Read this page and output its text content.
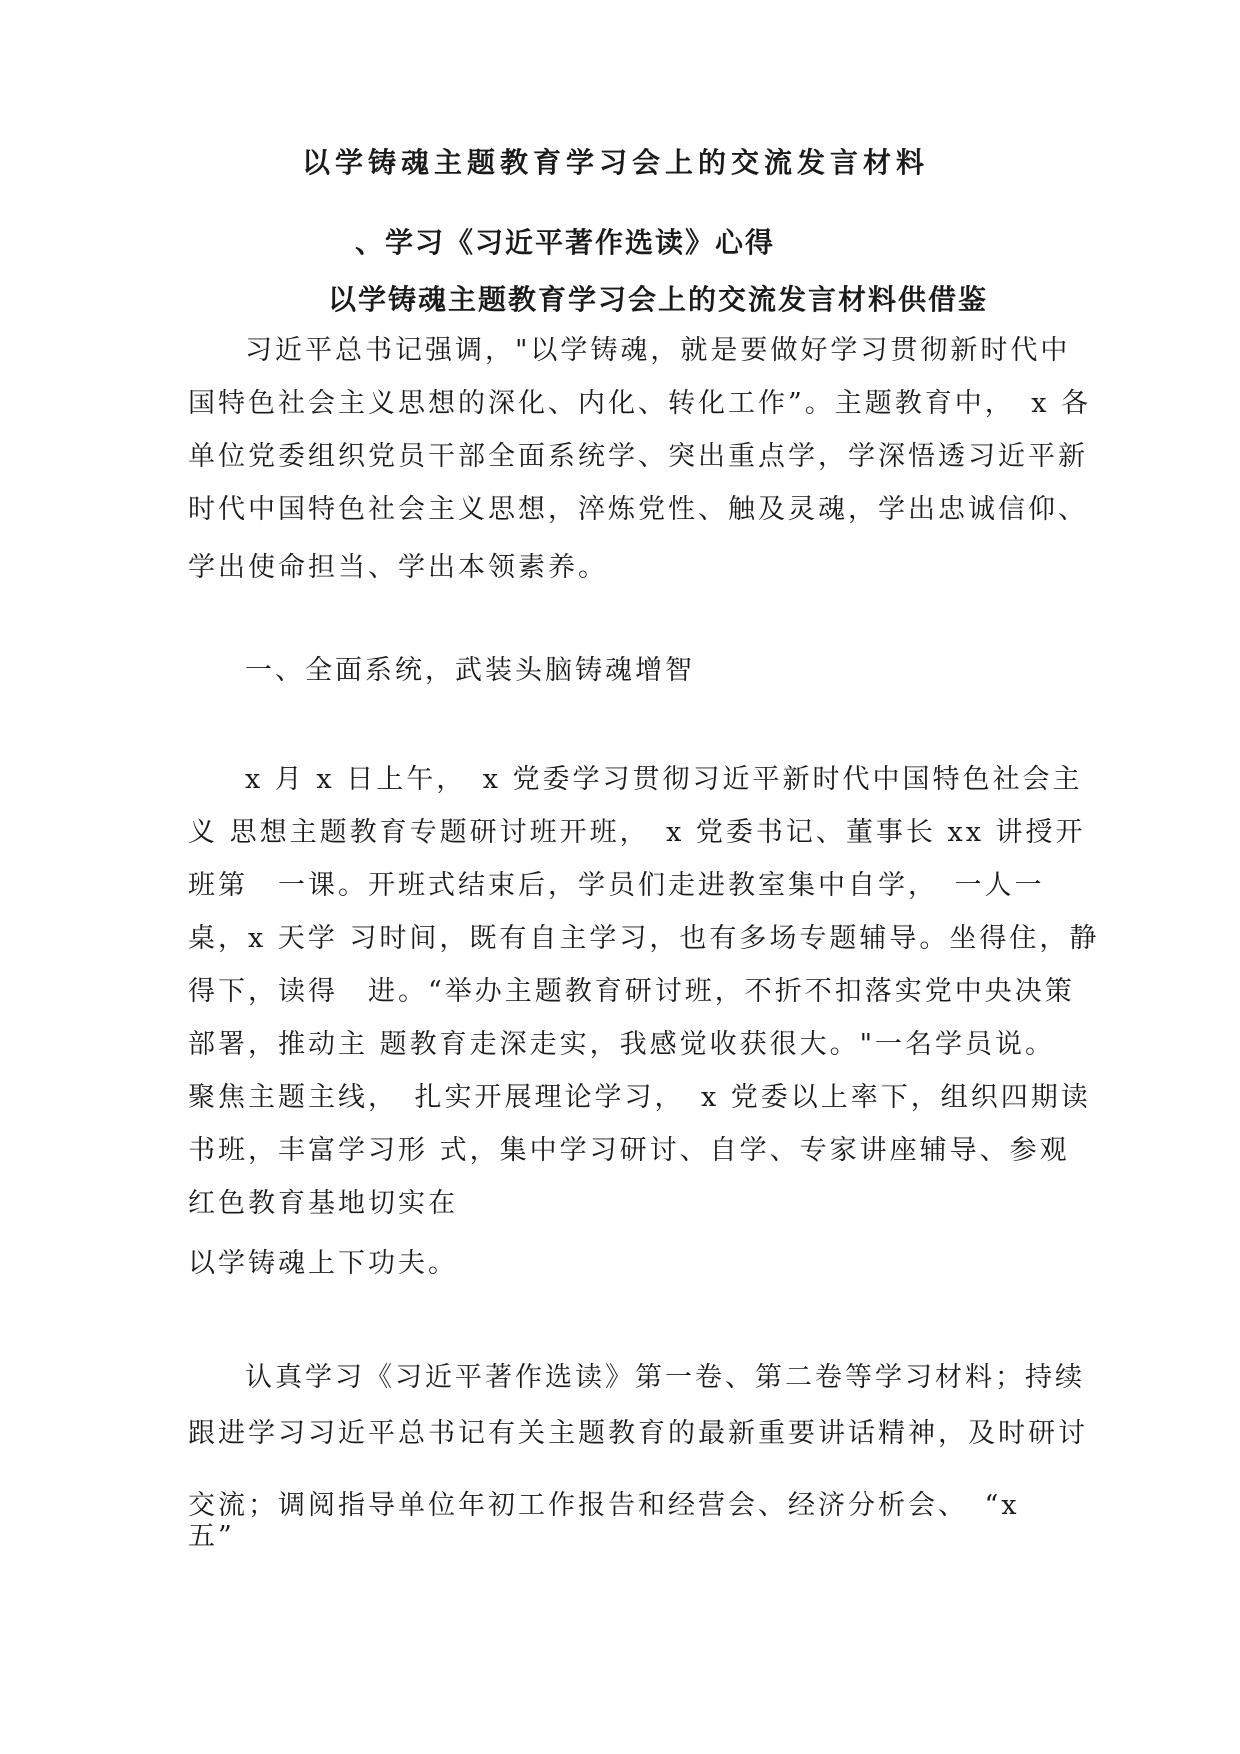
以学铸魂主题教育学习会上的交流发言材料
、学习《习近平著作选读》心得
以学铸魂主题教育学习会上的交流发言材料供借鉴
习近平总书记强调，"以学铸魂，就是要做好学习贯彻新时代中
国特色社会主义思想的深化、内化、转化工作”。主题教育中，　x 各
单位党委组织党员干部全面系统学、突出重点学，学深悟透习近平新
时代中国特色社会主义思想，淬炼党性、触及灵魂，学出忠诚信仰、
学出使命担当、学出本领素养。
一、全面系统，武装头脑铸魂增智
x 月 x 日上午，　x 党委学习贯彻习近平新时代中国特色社会主
义 思想主题教育专题研讨班开班，　x 党委书记、董事长 xx 讲授开
班第　一课。开班式结束后，学员们走进教室集中自学，　一人一
桌，x 天学 习时间，既有自主学习，也有多场专题辅导。坐得住，静
得下，读得　进。“举办主题教育研讨班，不折不扣落实党中央决策
部署，推动主 题教育走深走实，我感觉收获很大。"一名学员说。
聚焦主题主线，　扎实开展理论学习，　x 党委以上率下，组织四期读
书班，丰富学习形 式，集中学习研讨、自学、专家讲座辅导、参观
红色教育基地切实在
以学铸魂上下功夫。
认真学习《习近平著作选读》第一卷、第二卷等学习材料；持续
跟进学习习近平总书记有关主题教育的最新重要讲话精神，及时研讨
交流；调阅指导单位年初工作报告和经营会、经济分析会、　“x
五”
